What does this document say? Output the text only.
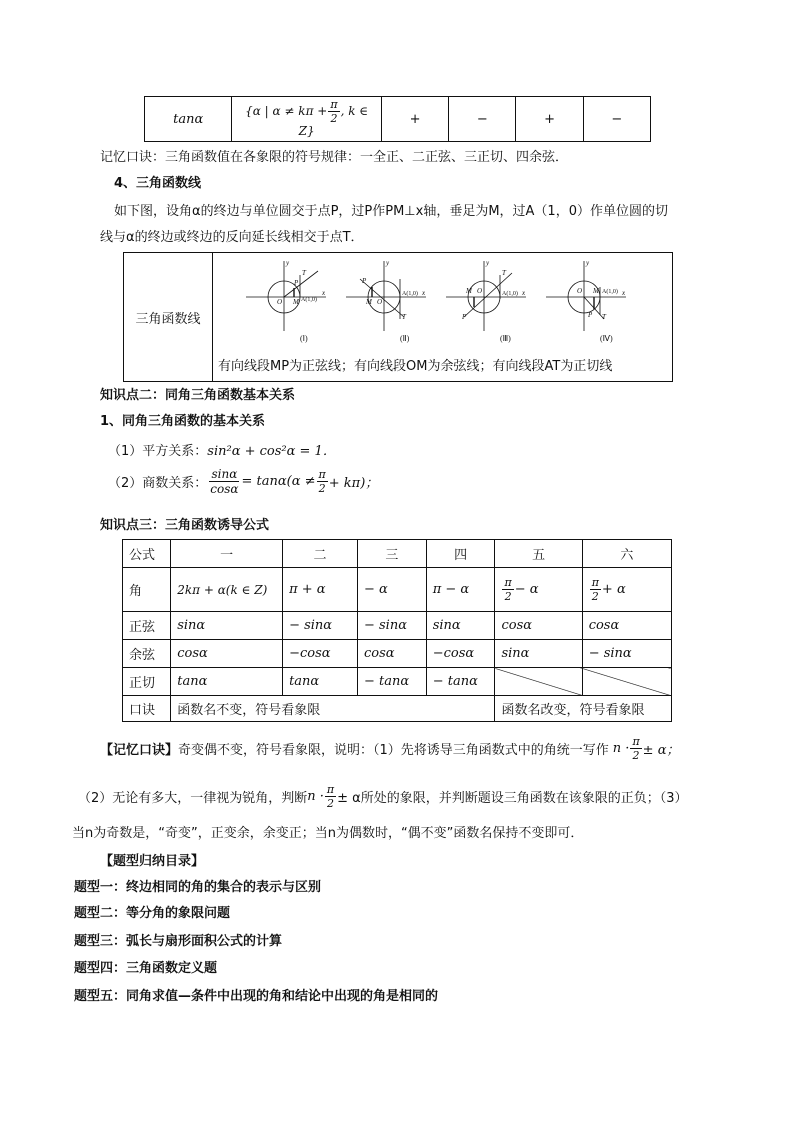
tanα	{α | $\alpha \ne k\pi + \frac{\pi}{2}$ , k ∈ Z}	+	−	+	−
记忆口诀：三角函数值在各象限的符号规律：一全正、二正弦、三正切、四余弦．
4、三角函数线
如下图，设角α的终边与单位圆交于点P，过P作PM⊥x轴，垂足为M，过A（1，0）作单位圆的切
线与α的终边或终边的反向延长线相交于点T．
三角函数线
y
x
O M A(1,0)
P
T
(Ⅰ)
y
x
O
M
A(1,0)
P
T
(Ⅱ)
y
x
O
M	A(1,0)
P
T
(Ⅲ)
y
x
O M A(1,0)
P T
(Ⅳ)
有向线段MP为正弦线；有向线段OM为余弦线；有向线段AT为正切线
知识点二：同角三角函数基本关系
1、同角三角函数的基本关系
（1）平方关系：sin²α + cos²α = 1．
（2）商数关系： $\frac{\sin\alpha}{\cos\alpha} = \tan\alpha(\alpha \ne \frac{\pi}{2} + k\pi)$；
知识点三：三角函数诱导公式
公式	一	二	三	四	五	六
角	2kπ + α(k ∈ Z)	π + α	− α	π − α	$\frac{\pi}{2} - \alpha$	$\frac{\pi}{2} + \alpha$
正弦	sinα	− sinα	− sinα	sinα	cosα	cosα
余弦	cosα	−cosα	cosα	−cosα	sinα	− sinα
正切	tanα	tanα	− tanα	− tanα		
口诀	函数名不变，符号看象限				函数名改变，符号看象限	
【记忆口诀】 奇变偶不变，符号看象限，说明：（1）先将诱导三角函数式中的角统一写作 $n \cdot \frac{\pi}{2} \pm \alpha$；
（2）无论有多大，一律视为锐角，判断 $n \cdot \frac{\pi}{2} \pm \alpha$所处的象限，并判断题设三角函数在该象限的正负；（3）
当n为奇数是，“奇变”，正变余，余变正；当n为偶数时，“偶不变”函数名保持不变即可．
【题型归纳目录】
题型一：终边相同的角的集合的表示与区别
题型二：等分角的象限问题
题型三：弧长与扇形面积公式的计算
题型四：三角函数定义题
题型五：同角求值—条件中出现的角和结论中出现的角是相同的
